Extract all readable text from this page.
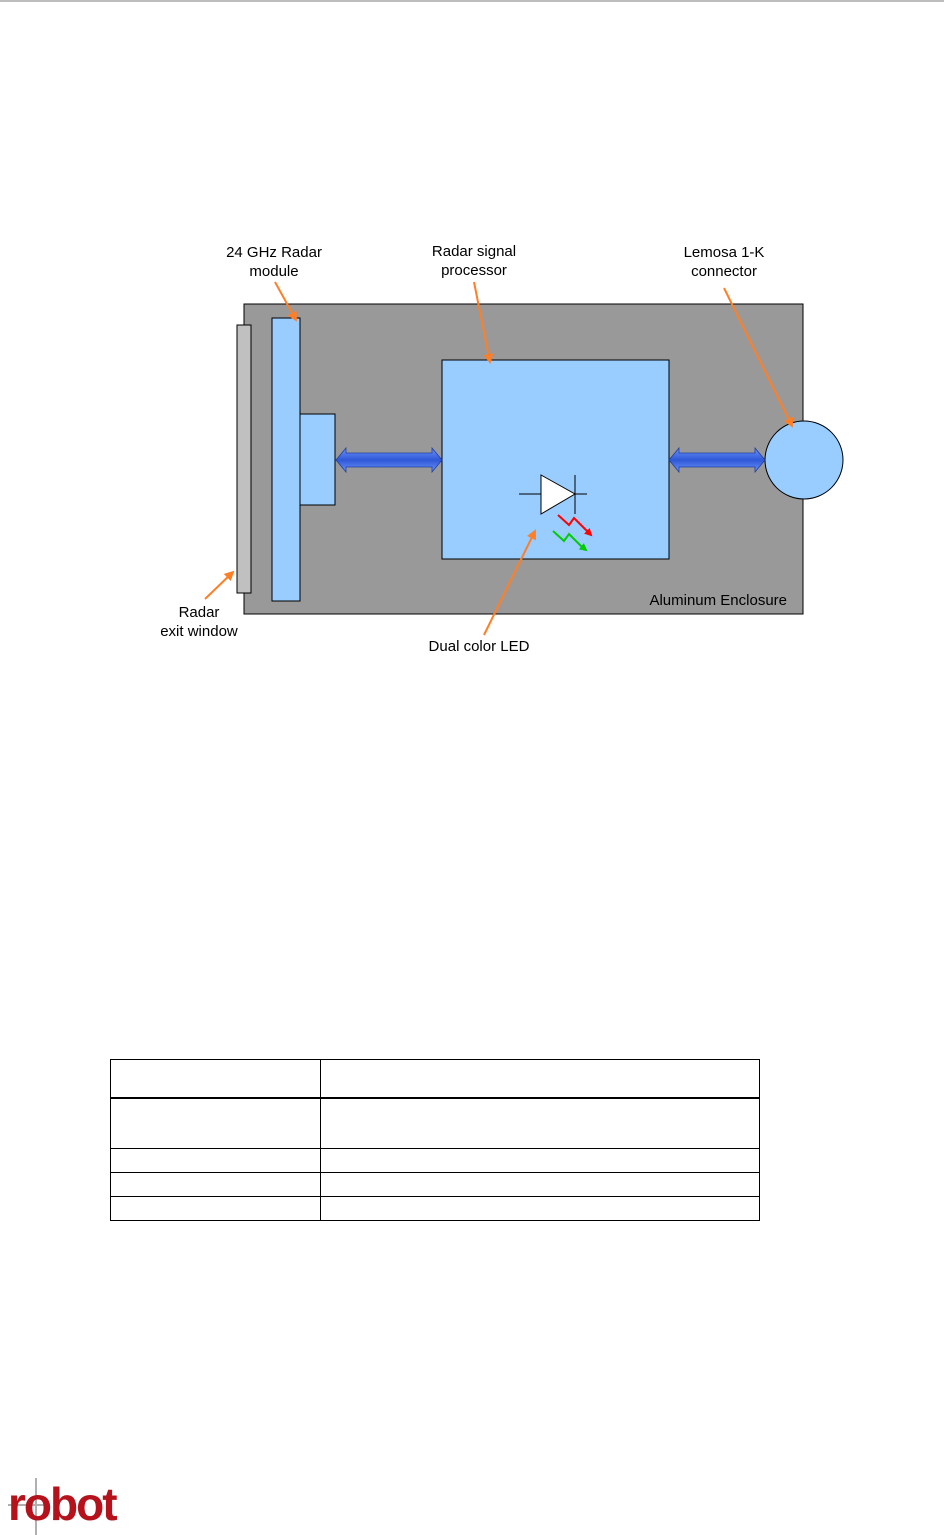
Aluminum Enclosure
24 GHz Radar
module
Radar signal
processor
Lemosa 1-K
connector
Radar
exit window
Dual color LED

robot
